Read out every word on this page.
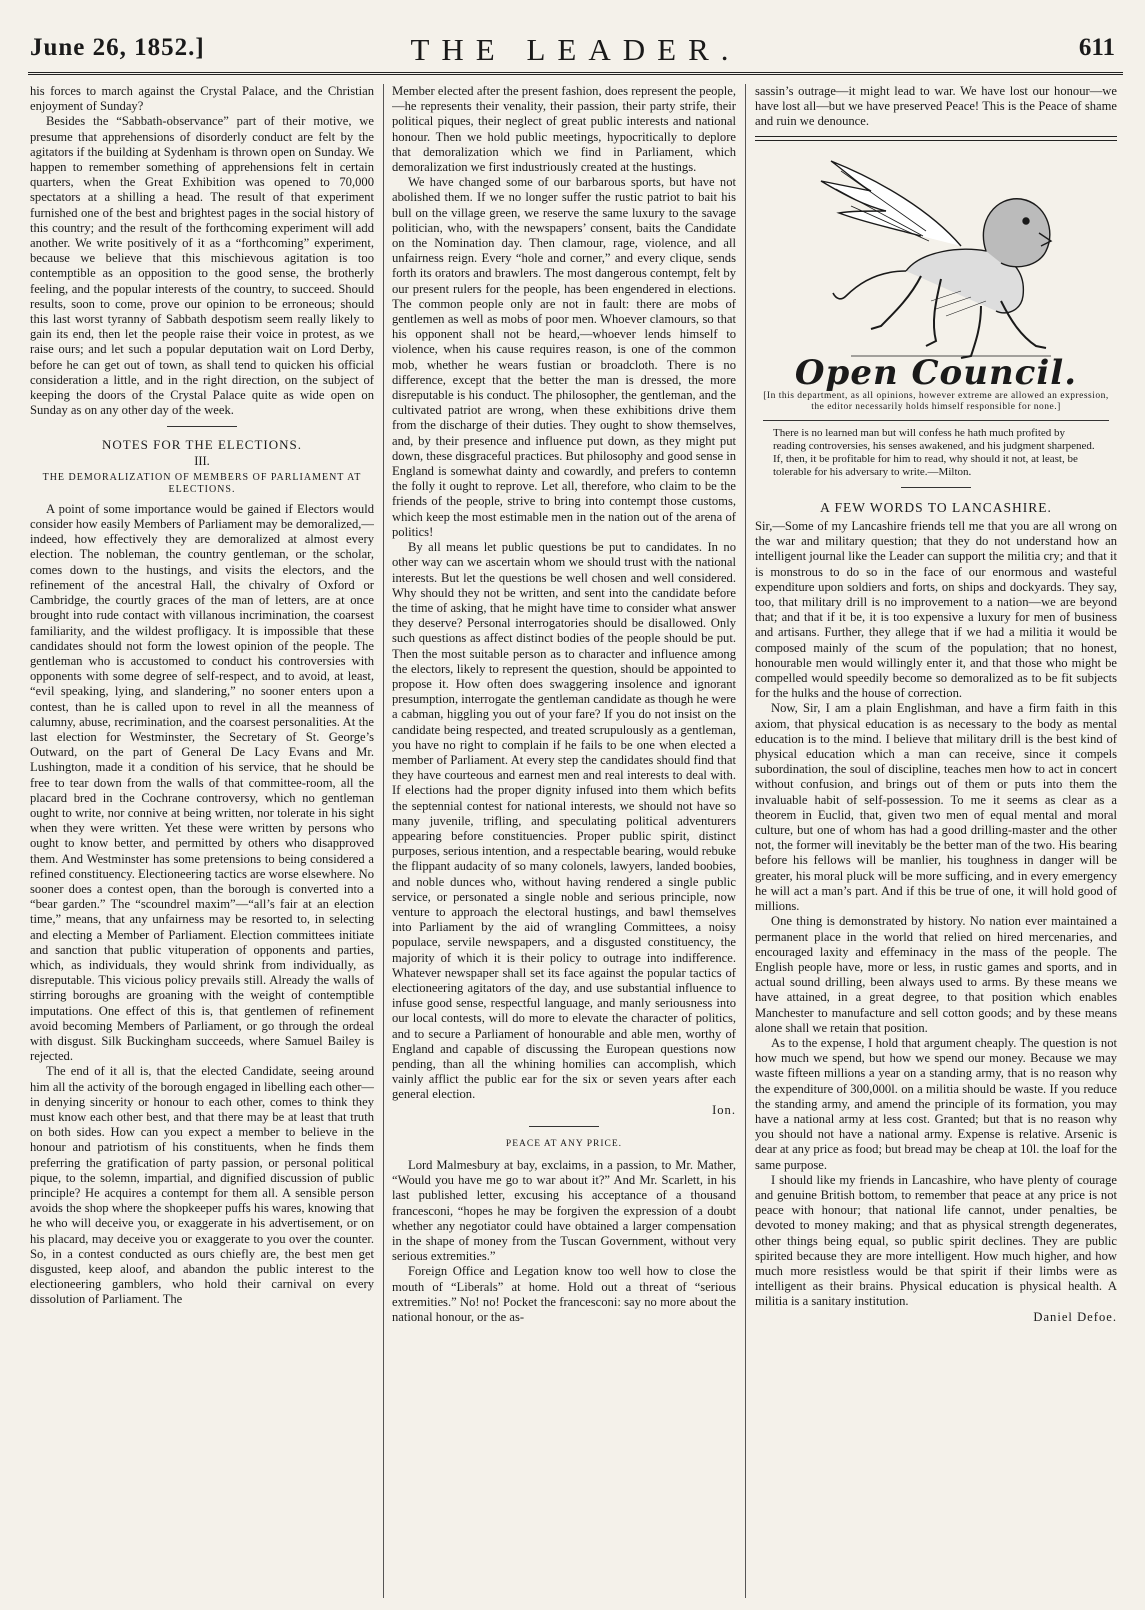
June 26, 1852.]	THE LEADER.	611

his forces to march against the Crystal Palace, and the Christian enjoyment of Sunday?

Besides the “Sabbath-observance” part of their motive, we presume that apprehensions of disorderly conduct are felt by the agitators if the building at Sydenham is thrown open on Sunday. We happen to remember something of apprehensions felt in certain quarters, when the Great Exhibition was opened to 70,000 spectators at a shilling a head. The result of that experiment furnished one of the best and brightest pages in the social history of this country; and the result of the forthcoming experiment will add another. We write positively of it as a “forthcoming” experiment, because we believe that this mischievous agitation is too contemptible as an opposition to the good sense, the brotherly feeling, and the popular interests of the country, to succeed. Should results, soon to come, prove our opinion to be erroneous; should this last worst tyranny of Sabbath despotism seem really likely to gain its end, then let the people raise their voice in protest, as we raise ours; and let such a popular deputation wait on Lord Derby, before he can get out of town, as shall tend to quicken his official consideration a little, and in the right direction, on the subject of keeping the doors of the Crystal Palace quite as wide open on Sunday as on any other day of the week.

NOTES FOR THE ELECTIONS.
III.
THE DEMORALIZATION OF MEMBERS OF PARLIAMENT AT ELECTIONS.

A point of some importance would be gained if Electors would consider how easily Members of Parliament may be demoralized,—indeed, how effectively they are demoralized at almost every election. The nobleman, the country gentleman, or the scholar, comes down to the hustings, and visits the electors, and the refinement of the ancestral Hall, the chivalry of Oxford or Cambridge, the courtly graces of the man of letters, are at once brought into rude contact with villanous incrimination, the coarsest familiarity, and the wildest profligacy. It is impossible that these candidates should not form the lowest opinion of the people. The gentleman who is accustomed to conduct his controversies with opponents with some degree of self-respect, and to avoid, at least, “evil speaking, lying, and slandering,” no sooner enters upon a contest, than he is called upon to revel in all the meanness of calumny, abuse, recrimination, and the coarsest personalities. At the last election for Westminster, the Secretary of St. George’s Outward, on the part of General De Lacy Evans and Mr. Lushington, made it a condition of his service, that he should be free to tear down from the walls of that committee-room, all the placard bred in the Cochrane controversy, which no gentleman ought to write, nor connive at being written, nor tolerate in his sight when they were written. Yet these were written by persons who ought to know better, and permitted by others who disapproved them. And Westminster has some pretensions to being considered a refined constituency. Electioneering tactics are worse elsewhere. No sooner does a contest open, than the borough is converted into a “bear garden.” The “scoundrel maxim”—“all’s fair at an election time,” means, that any unfairness may be resorted to, in selecting and electing a Member of Parliament. Election committees initiate and sanction that public vituperation of opponents and parties, which, as individuals, they would shrink from individually, as disreputable. This vicious policy prevails still. Already the walls of stirring boroughs are groaning with the weight of contemptible imputations. One effect of this is, that gentlemen of refinement avoid becoming Members of Parliament, or go through the ordeal with disgust. Silk Buckingham succeeds, where Samuel Bailey is rejected.

The end of it all is, that the elected Candidate, seeing around him all the activity of the borough engaged in libelling each other—in denying sincerity or honour to each other, comes to think they must know each other best, and that there may be at least that truth on both sides. How can you expect a member to believe in the honour and patriotism of his constituents, when he finds them preferring the gratification of party passion, or personal political pique, to the solemn, impartial, and dignified discussion of public principle? He acquires a contempt for them all. A sensible person avoids the shop where the shopkeeper puffs his wares, knowing that he who will deceive you, or exaggerate in his advertisement, or on his placard, may deceive you or exaggerate to you over the counter. So, in a contest conducted as ours chiefly are, the best men get disgusted, keep aloof, and abandon the public interest to the electioneering gamblers, who hold their carnival on every dissolution of Parliament. The

Member elected after the present fashion, does represent the people,—he represents their venality, their passion, their party strife, their political piques, their neglect of great public interests and national honour. Then we hold public meetings, hypocritically to deplore that demoralization which we find in Parliament, which demoralization we first industriously created at the hustings.

We have changed some of our barbarous sports, but have not abolished them. If we no longer suffer the rustic patriot to bait his bull on the village green, we reserve the same luxury to the savage politician, who, with the newspapers’ consent, baits the Candidate on the Nomination day. Then clamour, rage, violence, and all unfairness reign. Every “hole and corner,” and every clique, sends forth its orators and brawlers. The most dangerous contempt, felt by our present rulers for the people, has been engendered in elections. The common people only are not in fault: there are mobs of gentlemen as well as mobs of poor men. Whoever clamours, so that his opponent shall not be heard,—whoever lends himself to violence, when his cause requires reason, is one of the common mob, whether he wears fustian or broadcloth. There is no difference, except that the better the man is dressed, the more disreputable is his conduct. The philosopher, the gentleman, and the cultivated patriot are wrong, when these exhibitions drive them from the discharge of their duties. They ought to show themselves, and, by their presence and influence put down, as they might put down, these disgraceful practices. But philosophy and good sense in England is somewhat dainty and cowardly, and prefers to contemn the folly it ought to reprove. Let all, therefore, who claim to be the friends of the people, strive to bring into contempt those customs, which keep the most estimable men in the nation out of the arena of politics!

By all means let public questions be put to candidates. In no other way can we ascertain whom we should trust with the national interests. But let the questions be well chosen and well considered. Why should they not be written, and sent into the candidate before the time of asking, that he might have time to consider what answer they deserve? Personal interrogatories should be disallowed. Only such questions as affect distinct bodies of the people should be put. Then the most suitable person as to character and influence among the electors, likely to represent the question, should be appointed to propose it. How often does swaggering insolence and ignorant presumption, interrogate the gentleman candidate as though he were a cabman, higgling you out of your fare? If you do not insist on the candidate being respected, and treated scrupulously as a gentleman, you have no right to complain if he fails to be one when elected a member of Parliament. At every step the candidates should find that they have courteous and earnest men and real interests to deal with. If elections had the proper dignity infused into them which befits the septennial contest for national interests, we should not have so many juvenile, trifling, and speculating political adventurers appearing before constituencies. Proper public spirit, distinct purposes, serious intention, and a respectable bearing, would rebuke the flippant audacity of so many colonels, lawyers, landed boobies, and noble dunces who, without having rendered a single public service, or personated a single noble and serious principle, now venture to approach the electoral hustings, and bawl themselves into Parliament by the aid of wrangling Committees, a noisy populace, servile newspapers, and a disgusted constituency, the majority of which it is their policy to outrage into indifference. Whatever newspaper shall set its face against the popular tactics of electioneering agitators of the day, and use substantial influence to infuse good sense, respectful language, and manly seriousness into our local contests, will do more to elevate the character of politics, and to secure a Parliament of honourable and able men, worthy of England and capable of discussing the European questions now pending, than all the whining homilies can accomplish, which vainly afflict the public ear for the six or seven years after each general election.

Ion.
PEACE AT ANY PRICE.

Lord Malmesbury at bay, exclaims, in a passion, to Mr. Mather, “Would you have me go to war about it?” And Mr. Scarlett, in his last published letter, excusing his acceptance of a thousand francesconi, “hopes he may be forgiven the expression of a doubt whether any negotiator could have obtained a larger compensation in the shape of money from the Tuscan Government, without very serious extremities.”

Foreign Office and Legation know too well how to close the mouth of “Liberals” at home. Hold out a threat of “serious extremities.” No! no! Pocket the francesconi: say no more about the national honour, or the as-

sassin’s outrage—it might lead to war. We have lost our honour—we have lost all—but we have preserved Peace! This is the Peace of shame and ruin we denounce.

Open Council.
[In this department, as all opinions, however extreme are allowed an expression, the editor necessarily holds himself responsible for none.]
There is no learned man but will confess he hath much profited by reading controversies, his senses awakened, and his judgment sharpened. If, then, it be profitable for him to read, why should it not, at least, be tolerable for his adversary to write.—Milton.
A FEW WORDS TO LANCASHIRE.

Sir,—Some of my Lancashire friends tell me that you are all wrong on the war and military question; that they do not understand how an intelligent journal like the Leader can support the militia cry; and that it is monstrous to do so in the face of our enormous and wasteful expenditure upon soldiers and forts, on ships and dockyards. They say, too, that military drill is no improvement to a nation—we are beyond that; and that if it be, it is too expensive a luxury for men of business and artisans. Further, they allege that if we had a militia it would be composed mainly of the scum of the population; that no honest, honourable men would willingly enter it, and that those who might be compelled would speedily become so demoralized as to be fit subjects for the hulks and the house of correction.

Now, Sir, I am a plain Englishman, and have a firm faith in this axiom, that physical education is as necessary to the body as mental education is to the mind. I believe that military drill is the best kind of physical education which a man can receive, since it compels subordination, the soul of discipline, teaches men how to act in concert without confusion, and brings out of them or puts into them the invaluable habit of self-possession. To me it seems as clear as a theorem in Euclid, that, given two men of equal mental and moral culture, but one of whom has had a good drilling-master and the other not, the former will inevitably be the better man of the two. His bearing before his fellows will be manlier, his toughness in danger will be greater, his moral pluck will be more sufficing, and in every emergency he will act a man’s part. And if this be true of one, it will hold good of millions.

One thing is demonstrated by history. No nation ever maintained a permanent place in the world that relied on hired mercenaries, and encouraged laxity and effeminacy in the mass of the people. The English people have, more or less, in rustic games and sports, and in actual sound drilling, been always used to arms. By these means we have attained, in a great degree, to that position which enables Manchester to manufacture and sell cotton goods; and by these means alone shall we retain that position.

As to the expense, I hold that argument cheaply. The question is not how much we spend, but how we spend our money. Because we may waste fifteen millions a year on a standing army, that is no reason why the expenditure of 300,000l. on a militia should be waste. If you reduce the standing army, and amend the principle of its formation, you may have a national army at less cost. Granted; but that is no reason why you should not have a national army. Expense is relative. Arsenic is dear at any price as food; but bread may be cheap at 10l. the loaf for the same purpose.

I should like my friends in Lancashire, who have plenty of courage and genuine British bottom, to remember that peace at any price is not peace with honour; that national life cannot, under penalties, be devoted to money making; and that as physical strength degenerates, other things being equal, so public spirit declines. They are public spirited because they are more intelligent. How much higher, and how much more resistless would be that spirit if their limbs were as intelligent as their brains. Physical education is physical health. A militia is a sanitary institution.

Daniel Defoe.
